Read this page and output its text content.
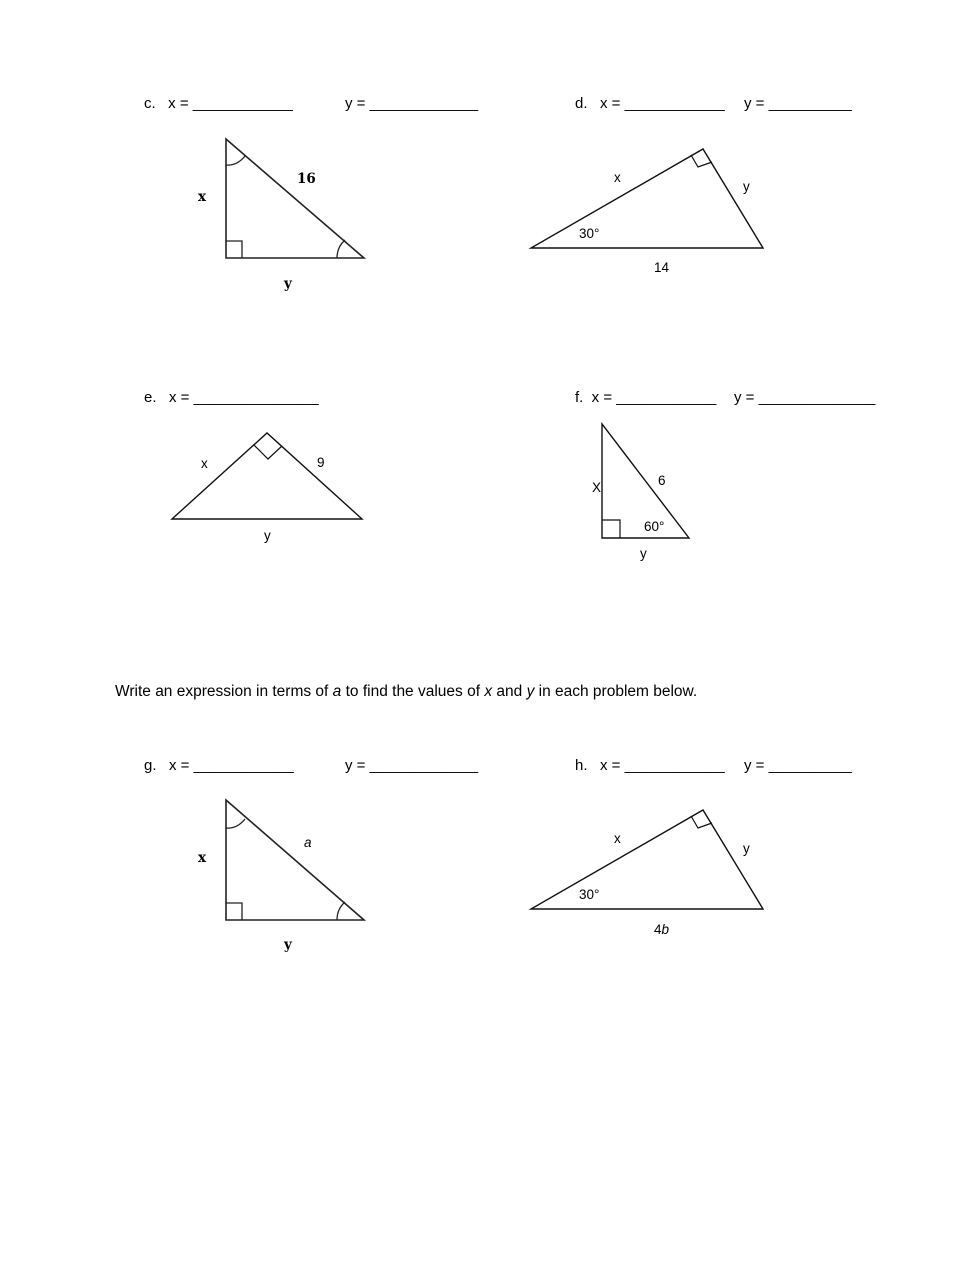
c.   x = ____________	y = _____________
x
16
y
d.   x = ____________ y = __________
x
y
30°
14
e.   x = _______________
x	9
y
f.  x = ____________ y = ______________
X	6
60°
y
Write an expression in terms of a to find the values of x and y in each problem below.
g.   x = ____________	y = _____________
x
a
y
h.   x = ____________ y = __________
x
y
30°
4b
